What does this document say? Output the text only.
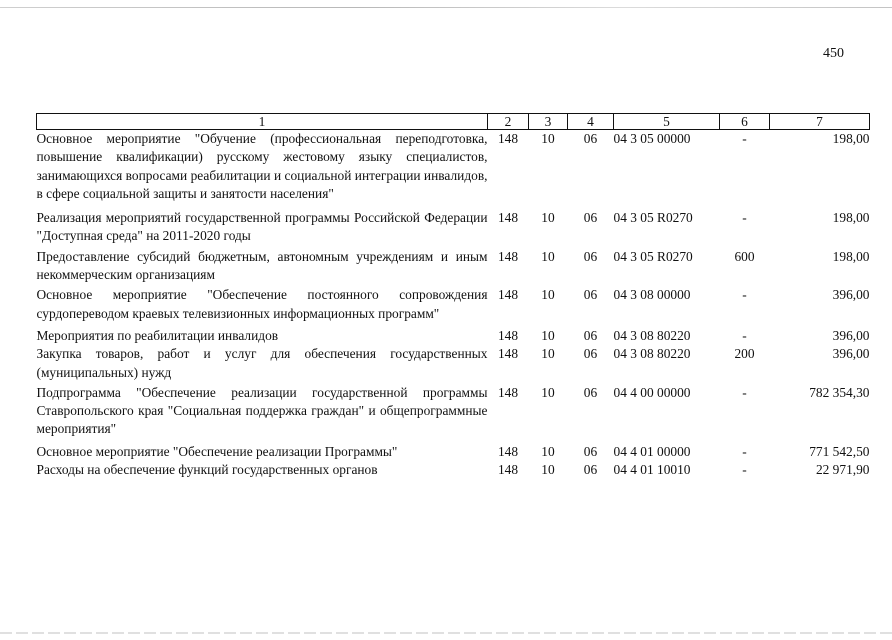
450
1	2	3	4	5	6	7
Основное мероприятие "Обучение (профессиональная переподготовка, повышение квалификации) русскому жестовому языку специалистов, занимающихся вопросами реабилитации и социальной интеграции инвалидов, в сфере социальной защиты и занятости населения"	148	10	06	04 3 05 00000	-	198,00
Реализация мероприятий государственной программы Российской Федерации "Доступная среда" на 2011-2020 годы	148	10	06	04 3 05 R0270	-	198,00
Предоставление субсидий бюджетным, автономным учреждениям и иным некоммерческим организациям	148	10	06	04 3 05 R0270	600	198,00
Основное мероприятие "Обеспечение постоянного сопровождения сурдопереводом краевых телевизионных информационных программ"	148	10	06	04 3 08 00000	-	396,00
Мероприятия по реабилитации инвалидов	148	10	06	04 3 08 80220	-	396,00
Закупка товаров, работ и услуг для обеспечения государственных (муниципальных) нужд	148	10	06	04 3 08 80220	200	396,00
Подпрограмма "Обеспечение реализации государственной программы Ставропольского края "Социальная поддержка граждан" и общепрограммные мероприятия"	148	10	06	04 4 00 00000	-	782 354,30
Основное мероприятие "Обеспечение реализации Программы"	148	10	06	04 4 01 00000	-	771 542,50
Расходы на обеспечение функций государственных органов	148	10	06	04 4 01 10010	-	22 971,90
